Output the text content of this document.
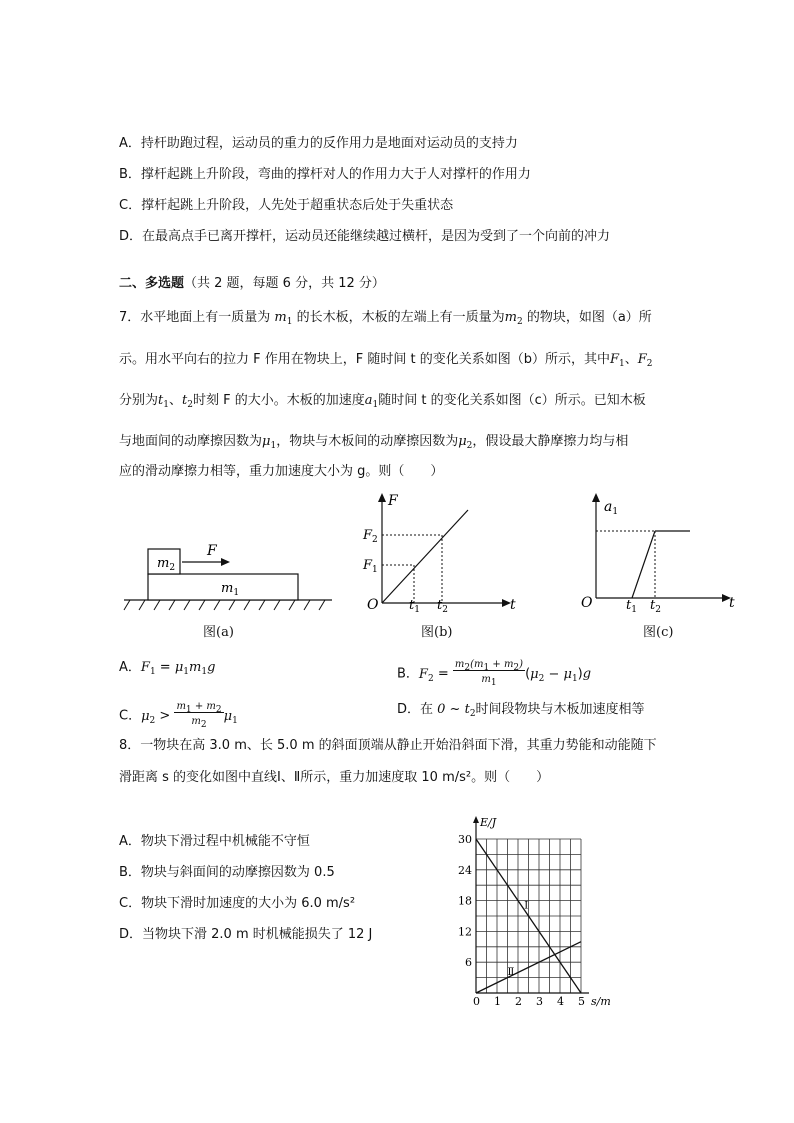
A．持杆助跑过程，运动员的重力的反作用力是地面对运动员的支持力
B．撑杆起跳上升阶段，弯曲的撑杆对人的作用力大于人对撑杆的作用力
C．撑杆起跳上升阶段，人先处于超重状态后处于失重状态
D．在最高点手已离开撑杆，运动员还能继续越过横杆，是因为受到了一个向前的冲力
二、多选题（共 2 题，每题 6 分，共 12 分）
7．水平地面上有一质量为 $m_1$ 的长木板，木板的左端上有一质量为$m_2$ 的物块，如图（a）所
示。用水平向右的拉力 F 作用在物块上，F 随时间 t 的变化关系如图（b）所示，其中$F_1$、$F_2$
分别为$t_1$、$t_2$时刻 F 的大小。木板的加速度$a_1$随时间 t 的变化关系如图（c）所示。已知木板
与地面间的动摩擦因数为$\mu_1$，物块与木板间的动摩擦因数为$\mu_2$，假设最大静摩擦力均与相
应的滑动摩擦力相等，重力加速度大小为 g。则（　　）
$m_2$
$m_1$
F
F
t
O
$F_2$
$F_1$
$t_1$ $t_2$
$a_1$
t
O	$t_1$ $t_2$
图(a)	图(b)	图(c)
A．$F_1 = \mu_1m_1g$	B．$F_2 = m2(m1 + m2)$
$m1(\mu_2 - \mu_1)g$
C．$\mu_2 > m1 + m2$
$m2\mu_1$
D．在 0 ~ $t_2$时间段物块与木板加速度相等
8．一物块在高 3.0 m、长 5.0 m 的斜面顶端从静止开始沿斜面下滑，其重力势能和动能随下
滑距离 s 的变化如图中直线Ⅰ、Ⅱ所示，重力加速度取 10 m/s²。则（　　）
A．物块下滑过程中机械能不守恒
B．物块与斜面间的动摩擦因数为 0.5
C．物块下滑时加速度的大小为 6.0 m/s²
D．当物块下滑 2.0 m 时机械能损失了 12 J
E/J
s/m
0 1 2 3 4 5
6
12
18
24
30
Ⅰ
Ⅱ
